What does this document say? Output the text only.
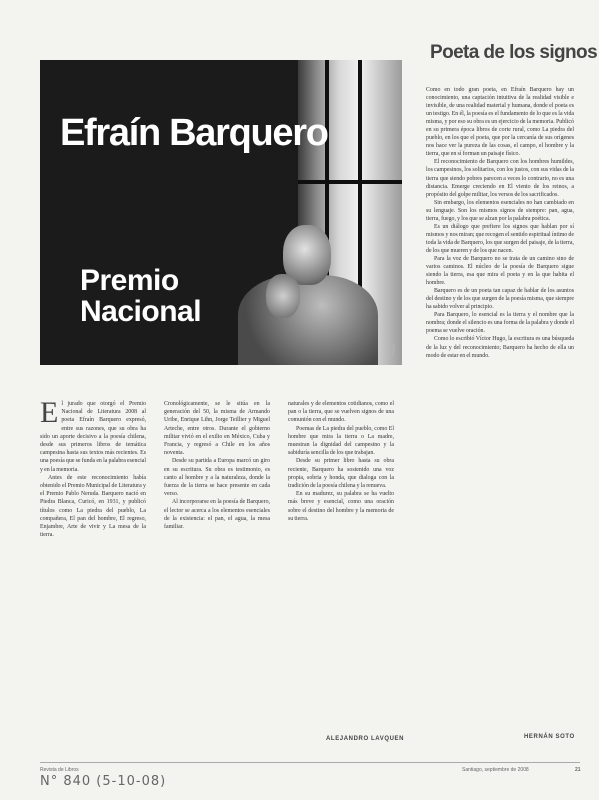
Efraín Barquero
Premio
Nacional
FOTO
Poeta de los signos

Como en todo gran poeta, en Efraín Barquero hay un conocimiento, una captación intuitiva de la realidad visible e invisible, de una realidad material y humana, donde el poeta es un testigo. En él, la poesía es el fundamento de lo que es la vida misma, y por eso su obra es un ejercicio de la memoria. Publicó en su primera época libros de corte rural, como La piedra del pueblo, en los que el poeta, que por la cercanía de sus orígenes nos hace ver la pureza de las cosas, el campo, el hombre y la tierra, que en sí forman un paisaje físico.

El reconocimiento de Barquero con los hombres humildes, los campesinos, los solitarios, con los justos, con sus vidas de la tierra que siendo pobres parecen a veces lo contrario, no es una distancia. Emerge creciendo en El viento de los reinos, a propósito del golpe militar, los versos de los sacrificados.

Sin embargo, los elementos esenciales no han cambiado en su lenguaje. Son los mismos signos de siempre: pan, agua, tierra, fuego, y los que se alzan por la palabra poética.

Es un diálogo que prefiere los signos que hablan por sí mismos y nos miran; que recogen el sentido espiritual íntimo de toda la vida de Barquero, los que surgen del paisaje, de la tierra, de los que mueren y de los que nacen.

Para la voz de Barquero no se trata de un camino sino de varios caminos. El núcleo de la poesía de Barquero sigue siendo la tierra, esa que mira el poeta y en la que habita el hombre.

Barquero es de un poeta tan capaz de hablar de los asuntos del destino y de los que surgen de la poesía misma, que siempre ha sabido volver al principio.

Para Barquero, lo esencial es la tierra y el nombre que la nombra; donde el silencio es una forma de la palabra y donde el poema se vuelve oración.

Como lo escribió Víctor Hugo, la escritura es una búsqueda de la luz y del reconocimiento; Barquero ha hecho de ella un modo de estar en el mundo.

HERNÁN SOTO

El jurado que otorgó el Premio Nacional de Literatura 2008 al poeta Efraín Barquero expresó, entre sus razones, que su obra ha sido un aporte decisivo a la poesía chilena, desde sus primeros libros de temática campesina hasta sus textos más recientes. Es una poesía que se funda en la palabra esencial y en la memoria.

Antes de este reconocimiento había obtenido el Premio Municipal de Literatura y el Premio Pablo Neruda. Barquero nació en Piedra Blanca, Curicó, en 1931, y publicó títulos como La piedra del pueblo, La compañera, El pan del hombre, El regreso, Enjambre, Arte de vivir y La mesa de la tierra.

Cronológicamente, se le sitúa en la generación del 50, la misma de Armando Uribe, Enrique Lihn, Jorge Teillier y Miguel Arteche, entre otros. Durante el gobierno militar vivió en el exilio en México, Cuba y Francia, y regresó a Chile en los años noventa.

Desde su partida a Europa marcó un giro en su escritura. Su obra es testimonio, es canto al hombre y a la naturaleza, donde la fuerza de la tierra se hace presente en cada verso.

Al incorporarse en la poesía de Barquero, el lector se acerca a los elementos esenciales de la existencia: el pan, el agua, la mesa familiar.

naturales y de elementos cotidianos, como el pan o la tierra, que se vuelven signos de una comunión con el mundo.

Poemas de La piedra del pueblo, como El hombre que mira la tierra o La madre, muestran la dignidad del campesino y la sabiduría sencilla de los que trabajan.

Desde su primer libro hasta su obra reciente, Barquero ha sostenido una voz propia, sobria y honda, que dialoga con la tradición de la poesía chilena y la renueva.

En su madurez, su palabra se ha vuelto más breve y esencial, como una oración sobre el destino del hombre y la memoria de su tierra.

ALEJANDRO LAVQUEN
Revista de Libros	Santiago, septiembre de 2008	21
N° 840 (5-10-08)
